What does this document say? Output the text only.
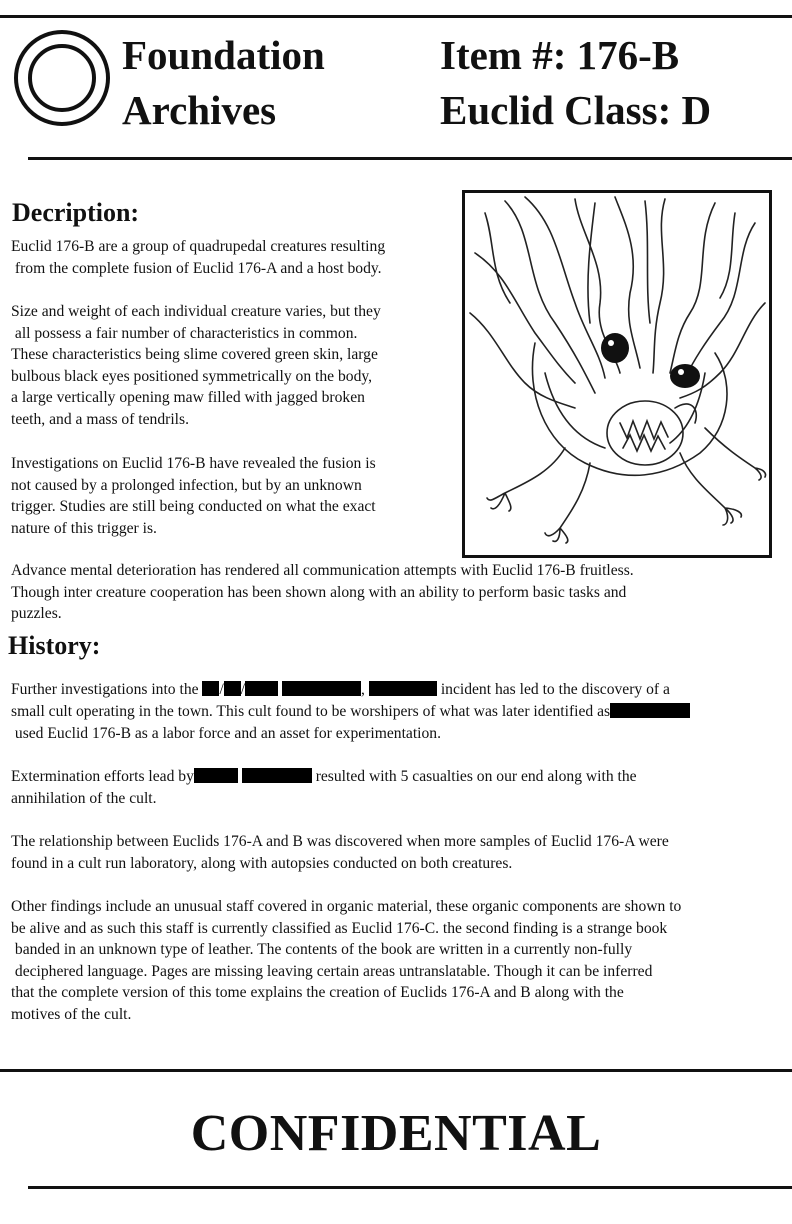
Foundation
Archives
Item #: 176-B
Euclid Class: D
Decription:

Euclid 176-B are a group of quadrupedal creatures resulting
from the complete fusion of Euclid 176-A and a host body.

Size and weight of each individual creature varies, but they
all possess a fair number of characteristics in common.
These characteristics being slime covered green skin, large
bulbous black eyes positioned symmetrically on the body,
a large vertically opening maw filled with jagged broken
teeth, and a mass of tendrils.

Investigations on Euclid 176-B have revealed the fusion is
not caused by a prolonged infection, but by an unknown
trigger. Studies are still being conducted on what the exact
nature of this trigger is.

Advance mental deterioration has rendered all communication attempts with Euclid 176-B fruitless.
Though inter creature cooperation has been shown along with an ability to perform basic tasks and
puzzles.

History:

Further investigations into the / /	,	incident has led to the discovery of a

small cult operating in the town. This cult found to be worshipers of what was later identified as

used Euclid 176-B as a labor force and an asset for experimentation.

Extermination efforts lead by	resulted with 5 casualties on our end along with the

annihilation of the cult.

The relationship between Euclids 176-A and B was discovered when more samples of Euclid 176-A were
found in a cult run laboratory, along with autopsies conducted on both creatures.

Other findings include an unusual staff covered in organic material, these organic components are shown to
be alive and as such this staff is currently classified as Euclid 176-C. the second finding is a strange book
banded in an unknown type of leather. The contents of the book are written in a currently non-fully
deciphered language. Pages are missing leaving certain areas untranslatable. Though it can be inferred
that the complete version of this tome explains the creation of Euclids 176-A and B along with the
motives of the cult.

CONFIDENTIAL
